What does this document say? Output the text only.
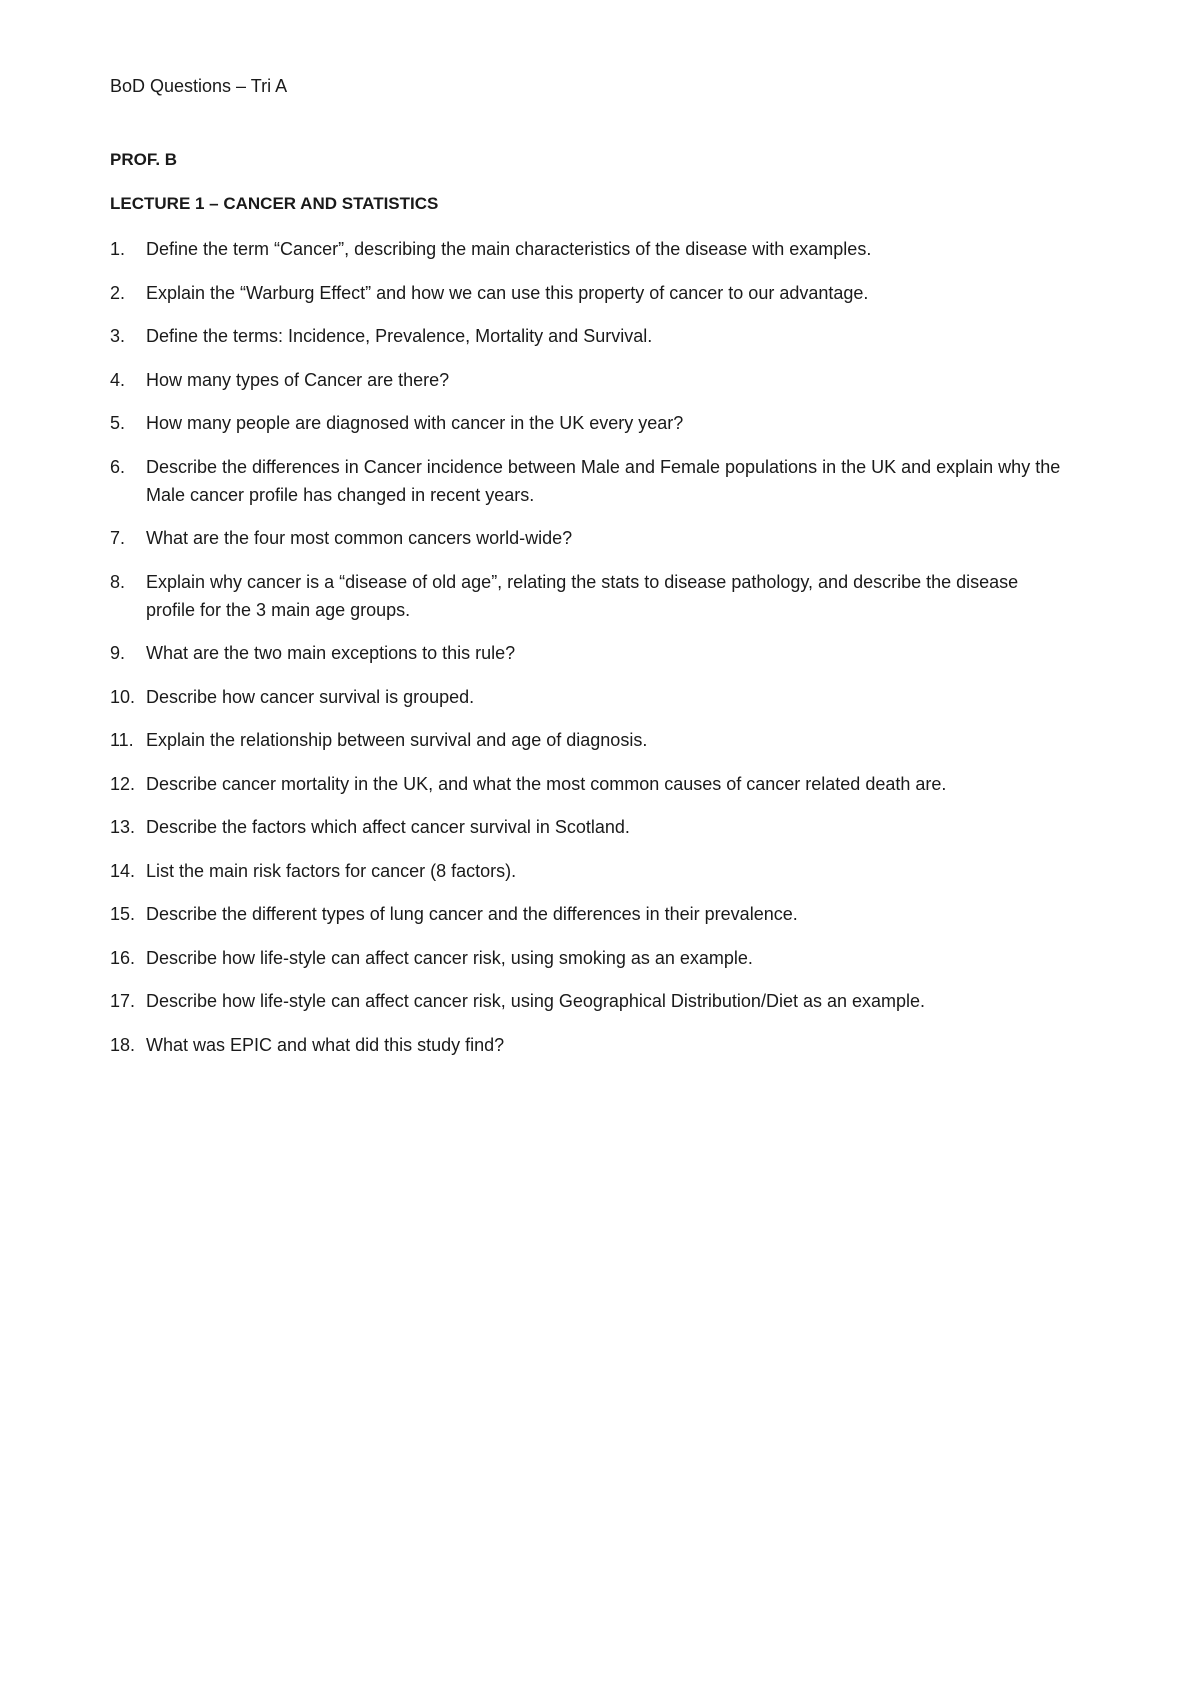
BoD Questions – Tri A
PROF. B
LECTURE 1 – CANCER AND STATISTICS
1.	Define the term “Cancer”, describing the main characteristics of the disease with examples.
2.	Explain the “Warburg Effect” and how we can use this property of cancer to our advantage.
3.	Define the terms: Incidence, Prevalence, Mortality and Survival.
4.	How many types of Cancer are there?
5.	How many people are diagnosed with cancer in the UK every year?
6.	Describe the differences in Cancer incidence between Male and Female populations in the UK and explain why the Male cancer profile has changed in recent years.
7.	What are the four most common cancers world-wide?
8.	Explain why cancer is a “disease of old age”, relating the stats to disease pathology, and describe the disease profile for the 3 main age groups.
9.	What are the two main exceptions to this rule?
10. Describe how cancer survival is grouped.
11. Explain the relationship between survival and age of diagnosis.
12. Describe cancer mortality in the UK, and what the most common causes of cancer related death are.
13. Describe the factors which affect cancer survival in Scotland.
14. List the main risk factors for cancer (8 factors).
15. Describe the different types of lung cancer and the differences in their prevalence.
16. Describe how life-style can affect cancer risk, using smoking as an example.
17. Describe how life-style can affect cancer risk, using Geographical Distribution/Diet as an example.
18. What was EPIC and what did this study find?
